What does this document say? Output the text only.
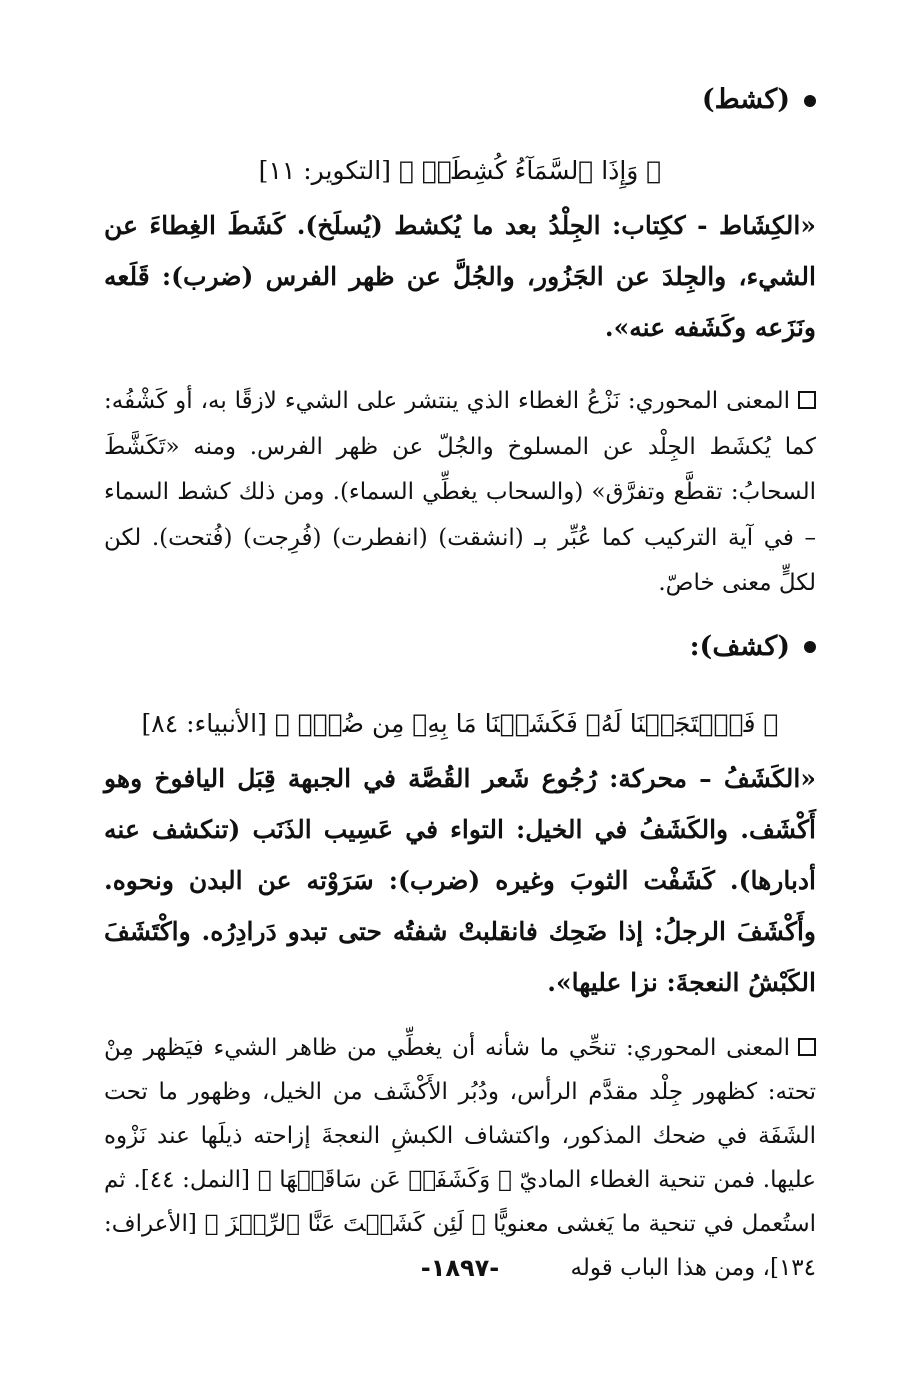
(كشط)
﴿ وَإِذَا ٱلسَّمَآءُ كُشِطَتۡ ﴾ [التكوير: ١١]
«الكِشَاط - ككِتاب: الجِلْدُ بعد ما يُكشط (يُسلَخ). كَشَطَ الغِطاءَ عن الشيء، والجِلدَ عن الجَزُور، والجُلَّ عن ظهر الفرس (ضرب): قَلَعه ونَزَعه وكَشَفه عنه».
المعنى المحوري: نَزْعُ الغطاء الذي ينتشر على الشيء لازقًا به، أو كَشْفُه: كما يُكشَط الجِلْد عن المسلوخ والجُلّ عن ظهر الفرس. ومنه «تَكَشَّطَ السحابُ: تقطَّع وتفرَّق» (والسحاب يغطِّي السماء). ومن ذلك كشط السماء – في آية التركيب كما عُبِّر بـ (انشقت) (انفطرت) (فُرِجت) (فُتحت). لكن لكلٍّ معنى خاصّ.
(كشف):
﴿ فَٱسۡتَجَبۡنَا لَهُۥ فَكَشَفۡنَا مَا بِهِۦ مِن ضُرّٖ ﴾ [الأنبياء: ٨٤]
«الكَشَفُ – محركة: رُجُوع شَعر القُصَّة في الجبهة قِبَل اليافوخ وهو أَكْشَف. والكَشَفُ في الخيل: التواء في عَسِيب الذَنَب (تنكشف عنه أدبارها). كَشَفْت الثوبَ وغيره (ضرب): سَرَوْته عن البدن ونحوه. وأَكْشَفَ الرجلُ: إذا ضَحِك فانقلبتْ شفتُه حتى تبدو دَرادِرُه. واكْتَشَفَ الكَبْشُ النعجةَ: نزا عليها».
المعنى المحوري: تنحِّي ما شأنه أن يغطِّي من ظاهر الشيء فيَظهر مِنْ تحته: كظهور جِلْد مقدَّم الرأس، ودُبُر الأَكْشَف من الخيل، وظهور ما تحت الشَفَة في ضحك المذكور، واكتشاف الكبشِ النعجةَ إزاحته ذيلَها عند نَزْوه عليها. فمن تنحية الغطاء الماديّ ﴿ وَكَشَفَتۡ عَن سَاقَيۡهَا ﴾ [النمل: ٤٤]. ثم استُعمل في تنحية ما يَغشى معنويًّا ﴿ لَئِن كَشَفۡتَ عَنَّا ٱلرِّجۡزَ ﴾ [الأعراف: ١٣٤]، ومن هذا الباب قوله
-١٨٩٧-
